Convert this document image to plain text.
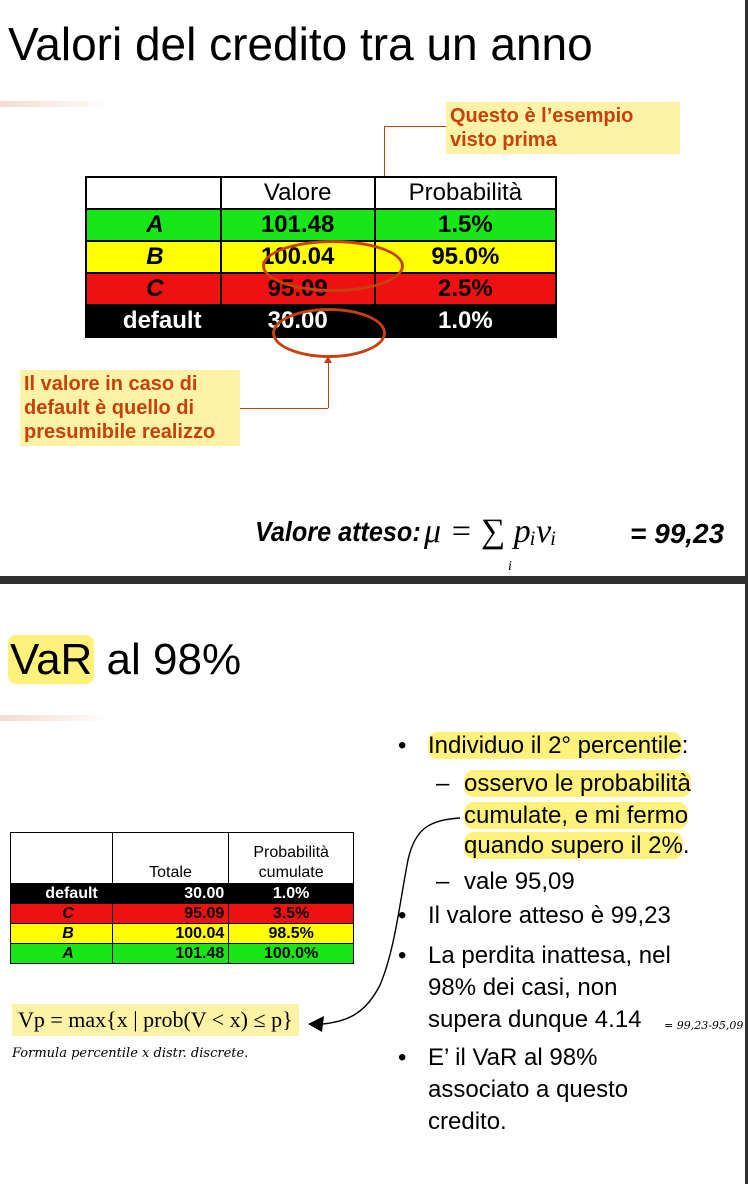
Valori del credito tra un anno
Questo è l’esempio visto prima
	Valore	Probabilità
A	101.48	1.5%
B	100.04	95.0%
C	95.09	2.5%
default	30.00	1.0%
Il valore in caso di default è quello di presumibile realizzo
Valore atteso: μ = ∑ pᵢvᵢ
i
= 99,23
VaR al 98%
	Totale	Probabilità cumulate
default	30.00	1.0%
C	95.09	3.5%
B	100.04	98.5%
A	101.48	100.0%
• Individuo il 2° percentile:
– osservo le probabilità
cumulate, e mi fermo
quando supero il 2%.
– vale 95,09
• Il valore atteso è 99,23
• La perdita inattesa, nel
98% dei casi, non
supera dunque 4.14 = 99,23-95,09
• E’ il VaR al 98%
associato a questo
credito.
Vp = max{x | prob(V < x) ≤ p}
Formula percentile x distr. discrete.
